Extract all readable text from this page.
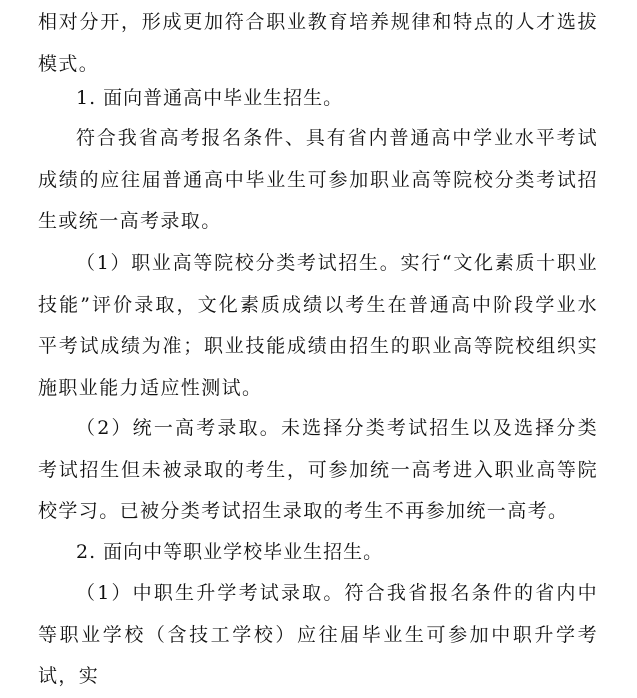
相对分开，形成更加符合职业教育培养规律和特点的人才选拔模式。

1. 面向普通高中毕业生招生。

符合我省高考报名条件、具有省内普通高中学业水平考试成绩的应往届普通高中毕业生可参加职业高等院校分类考试招生或统一高考录取。

（1）职业高等院校分类考试招生。实行“文化素质十职业技能”评价录取，文化素质成绩以考生在普通高中阶段学业水平考试成绩为准；职业技能成绩由招生的职业高等院校组织实施职业能力适应性测试。

（2）统一高考录取。未选择分类考试招生以及选择分类考试招生但未被录取的考生，可参加统一高考进入职业高等院校学习。已被分类考试招生录取的考生不再参加统一高考。

2. 面向中等职业学校毕业生招生。

（1）中职生升学考试录取。符合我省报名条件的省内中等职业学校（含技工学校）应往届毕业生可参加中职升学考试，实
